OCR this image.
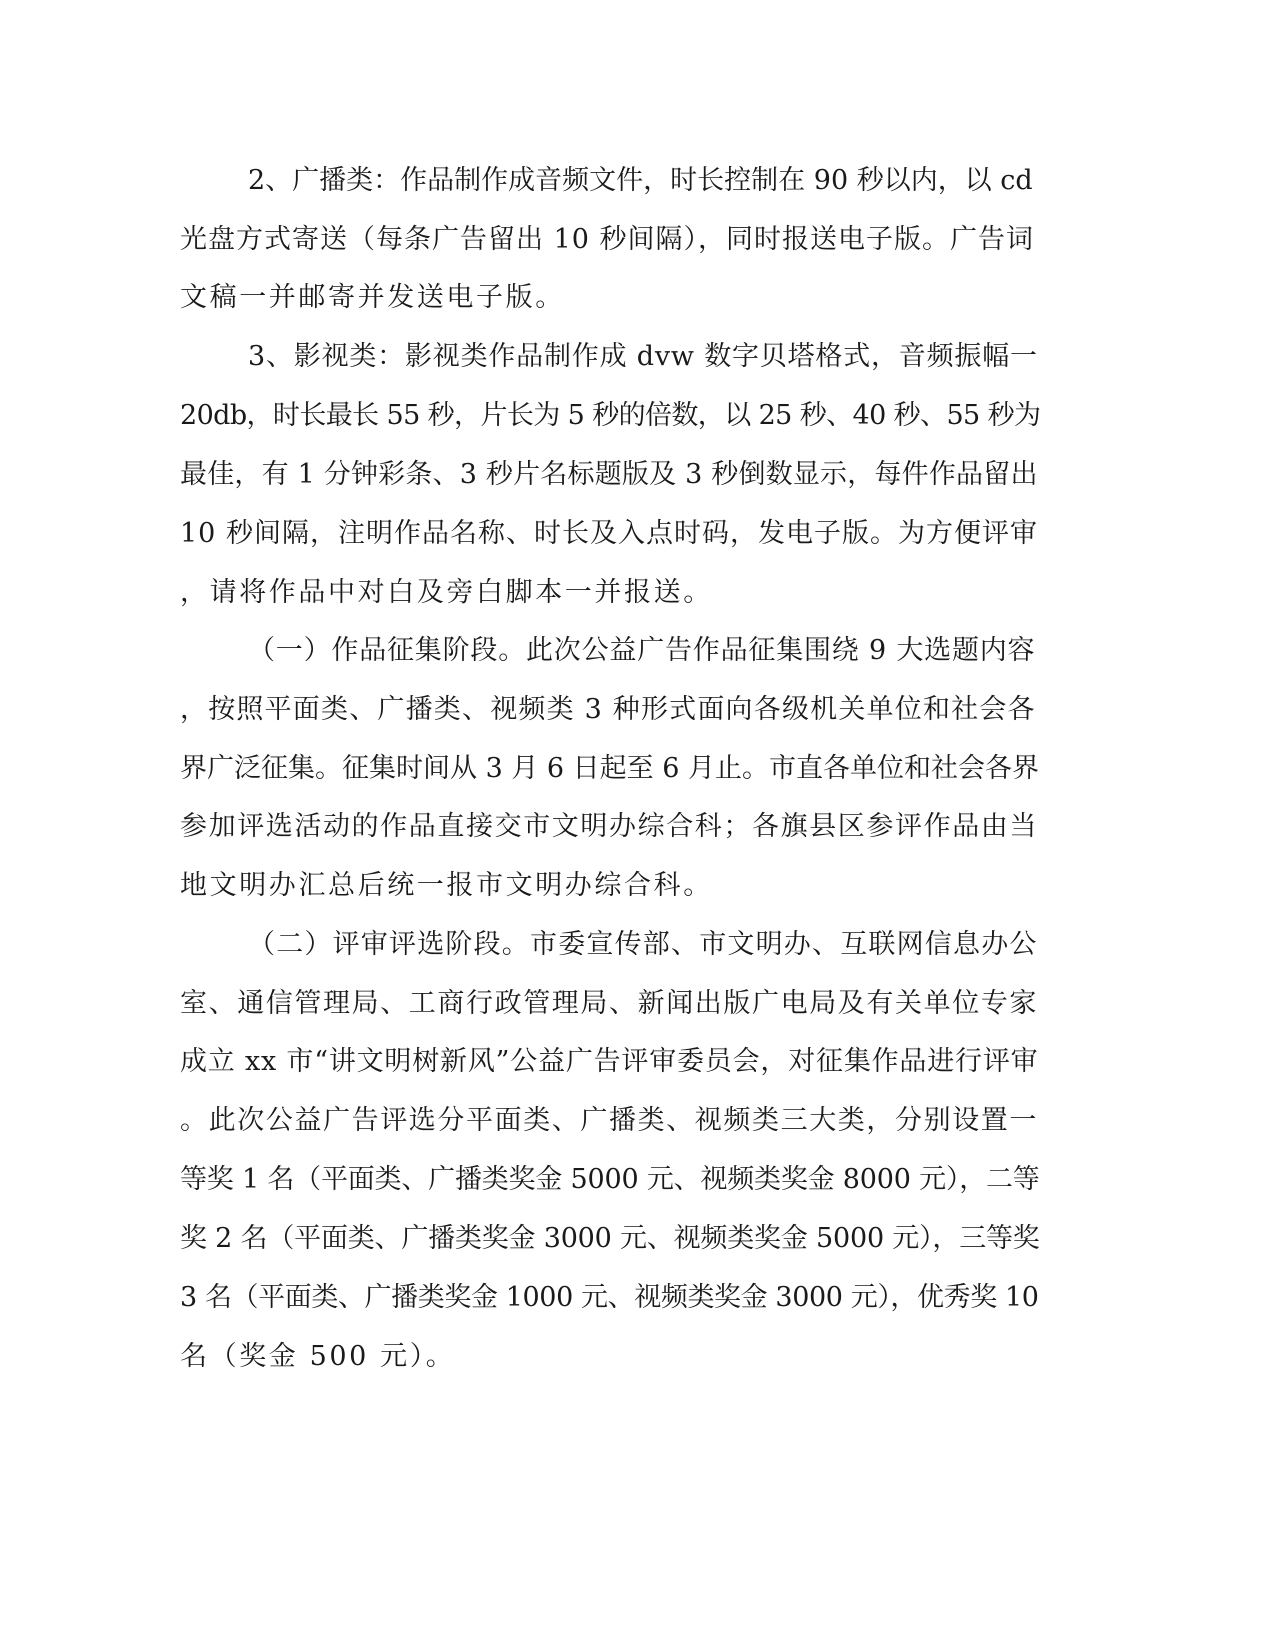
2、广播类：作品制作成音频文件，时长控制在 90 秒以内，以 cd
光盘方式寄送（每条广告留出 10 秒间隔），同时报送电子版。广告词
文稿一并邮寄并发送电子版。
3、影视类：影视类作品制作成 dvw 数字贝塔格式，音频振幅一
20db，时长最长 55 秒，片长为 5 秒的倍数，以 25 秒、40 秒、55 秒为
最佳，有 1 分钟彩条、3 秒片名标题版及 3 秒倒数显示，每件作品留出
10 秒间隔，注明作品名称、时长及入点时码，发电子版。为方便评审
，请将作品中对白及旁白脚本一并报送。
（一）作品征集阶段。此次公益广告作品征集围绕 9 大选题内容
，按照平面类、广播类、视频类 3 种形式面向各级机关单位和社会各
界广泛征集。征集时间从 3 月 6 日起至 6 月止。市直各单位和社会各界
参加评选活动的作品直接交市文明办综合科；各旗县区参评作品由当
地文明办汇总后统一报市文明办综合科。
（二）评审评选阶段。市委宣传部、市文明办、互联网信息办公
室、通信管理局、工商行政管理局、新闻出版广电局及有关单位专家
成立 xx 市“讲文明树新风”公益广告评审委员会，对征集作品进行评审
。此次公益广告评选分平面类、广播类、视频类三大类，分别设置一
等奖 1 名（平面类、广播类奖金 5000 元、视频类奖金 8000 元），二等
奖 2 名（平面类、广播类奖金 3000 元、视频类奖金 5000 元），三等奖
3 名（平面类、广播类奖金 1000 元、视频类奖金 3000 元），优秀奖 10
名（奖金 500 元）。
